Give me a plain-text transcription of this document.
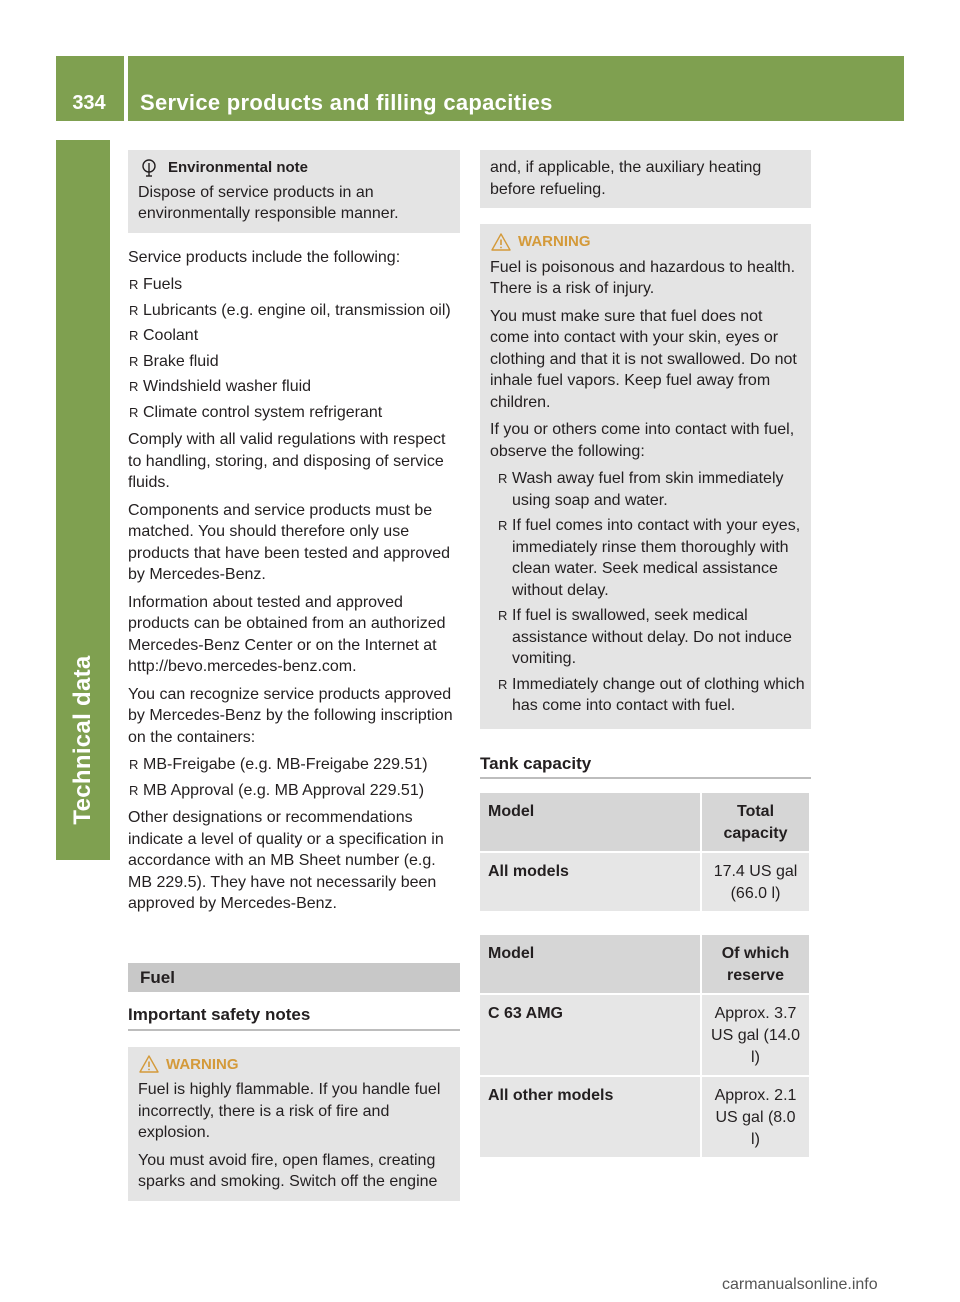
334	Service products and filling capacities
Technical data
Environmental note
Dispose of service products in an environmentally responsible manner.

Service products include the following:

R Fuels
R Lubricants (e.g. engine oil, transmission oil)
R Coolant
R Brake fluid
R Windshield washer fluid
R Climate control system refrigerant

Comply with all valid regulations with respect to handling, storing, and disposing of service fluids.

Components and service products must be matched. You should therefore only use products that have been tested and approved by Mercedes-Benz.

Information about tested and approved products can be obtained from an authorized Mercedes-Benz Center or on the Internet at http://bevo.mercedes-benz.com.

You can recognize service products approved by Mercedes-Benz by the following inscription on the containers:

R MB-Freigabe (e.g. MB-Freigabe 229.51)
R MB Approval (e.g. MB Approval 229.51)

Other designations or recommendations indicate a level of quality or a specification in accordance with an MB Sheet number (e.g. MB 229.5). They have not necessarily been approved by Mercedes-Benz.

Fuel
Important safety notes
WARNING

Fuel is highly flammable. If you handle fuel incorrectly, there is a risk of fire and explosion.

You must avoid fire, open flames, creating sparks and smoking. Switch off the engine

and, if applicable, the auxiliary heating before refueling.
WARNING

Fuel is poisonous and hazardous to health. There is a risk of injury.

You must make sure that fuel does not come into contact with your skin, eyes or clothing and that it is not swallowed. Do not inhale fuel vapors. Keep fuel away from children.

If you or others come into contact with fuel, observe the following:

R Wash away fuel from skin immediately using soap and water.
R If fuel comes into contact with your eyes, immediately rinse them thoroughly with clean water. Seek medical assistance without delay.
R If fuel is swallowed, seek medical assistance without delay. Do not induce vomiting.
R Immediately change out of clothing which has come into contact with fuel.
Tank capacity
Model	Total capacity
All models	17.4 US gal (66.0 l)
Model	Of which reserve
C 63 AMG	Approx. 3.7 US gal (14.0 l)
All other models	Approx. 2.1 US gal (8.0 l)
carmanualsonline.info
